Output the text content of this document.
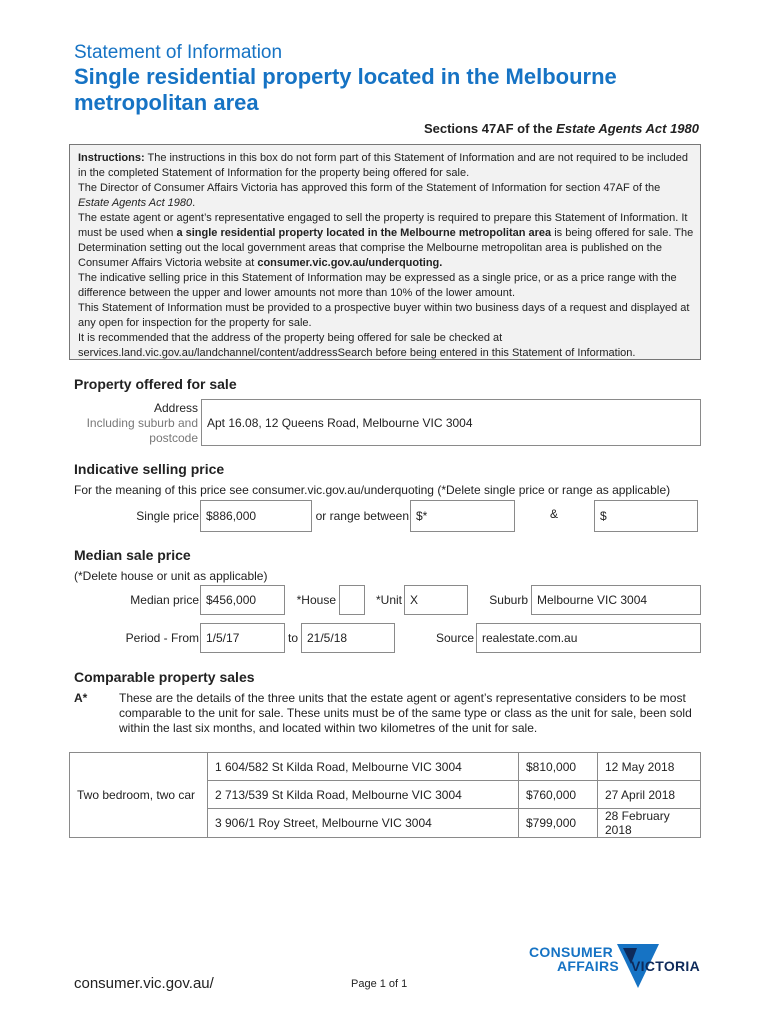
Statement of Information
Single residential property located in the Melbourne
metropolitan area
Sections 47AF of the Estate Agents Act 1980

Instructions: The instructions in this box do not form part of this Statement of Information and are not required to be included in the completed Statement of Information for the property being offered for sale.

The Director of Consumer Affairs Victoria has approved this form of the Statement of Information for section 47AF of the Estate Agents Act 1980.

The estate agent or agent’s representative engaged to sell the property is required to prepare this Statement of Information. It must be used when a single residential property located in the Melbourne metropolitan area is being offered for sale. The Determination setting out the local government areas that comprise the Melbourne metropolitan area is published on the Consumer Affairs Victoria website at consumer.vic.gov.au/underquoting.

The indicative selling price in this Statement of Information may be expressed as a single price, or as a price range with the difference between the upper and lower amounts not more than 10% of the lower amount.

This Statement of Information must be provided to a prospective buyer within two business days of a request and displayed at any open for inspection for the property for sale.

It is recommended that the address of the property being offered for sale be checked at services.land.vic.gov.au/landchannel/content/addressSearch before being entered in this Statement of Information.

Property offered for sale
Address
Including suburb and
postcode
Apt 16.08, 12 Queens Road, Melbourne VIC 3004
Indicative selling price
For the meaning of this price see consumer.vic.gov.au/underquoting (*Delete single price or range as applicable)
Single price $886,000	or range between $*	&	$
Median sale price
(*Delete house or unit as applicable)
Median price $456,000	*House	*Unit X	Suburb Melbourne VIC 3004
Period - From 1/5/17	to 21/5/18	Source realestate.com.au
Comparable property sales
A*	These are the details of the three units that the estate agent or agent’s representative considers to be most comparable to the unit for sale. These units must be of the same type or class as the unit for sale, been sold within the last six months, and located within two kilometres of the unit for sale.
Two bedroom, two car	1 604/582 St Kilda Road, Melbourne VIC 3004	$810,000	12 May 2018
	2 713/539 St Kilda Road, Melbourne VIC 3004	$760,000	27 April 2018
	3 906/1 Roy Street, Melbourne VIC 3004	$799,000	28 February 2018
consumer.vic.gov.au/	Page 1 of 1
CONSUMER
AFFAIRS VICTORIA
